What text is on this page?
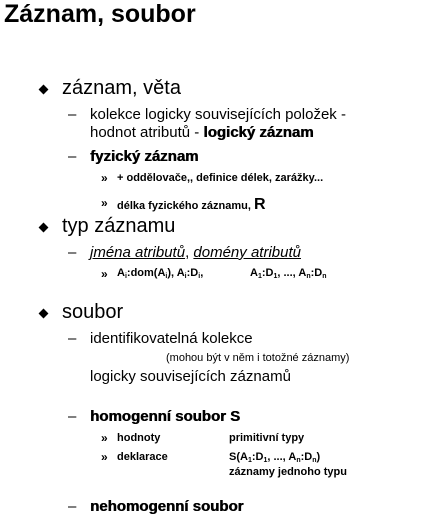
Záznam, soubor
záznam, věta
– kolekce logicky souvisejících položek -
hodnot atributů - logický záznam
– fyzický záznam
» + oddělovače,, definice délek, zarážky...
» délka fyzického záznamu, R
typ záznamu
– jména atributů, domény atributů
» $A_i:dom(A_i)$, $A_i:D_i$,	$A_1:D_1$, ..., $A_n:D_n$
soubor
– identifikovatelná kolekce
(mohou být v něm i totožné záznamy)
logicky souvisejících záznamů
– homogenní soubor S
» hodnoty	primitivní typy
» deklarace	$S(A_1:D_1$, ..., $A_n:D_n$)
záznamy jednoho typu
– nehomogenní soubor
